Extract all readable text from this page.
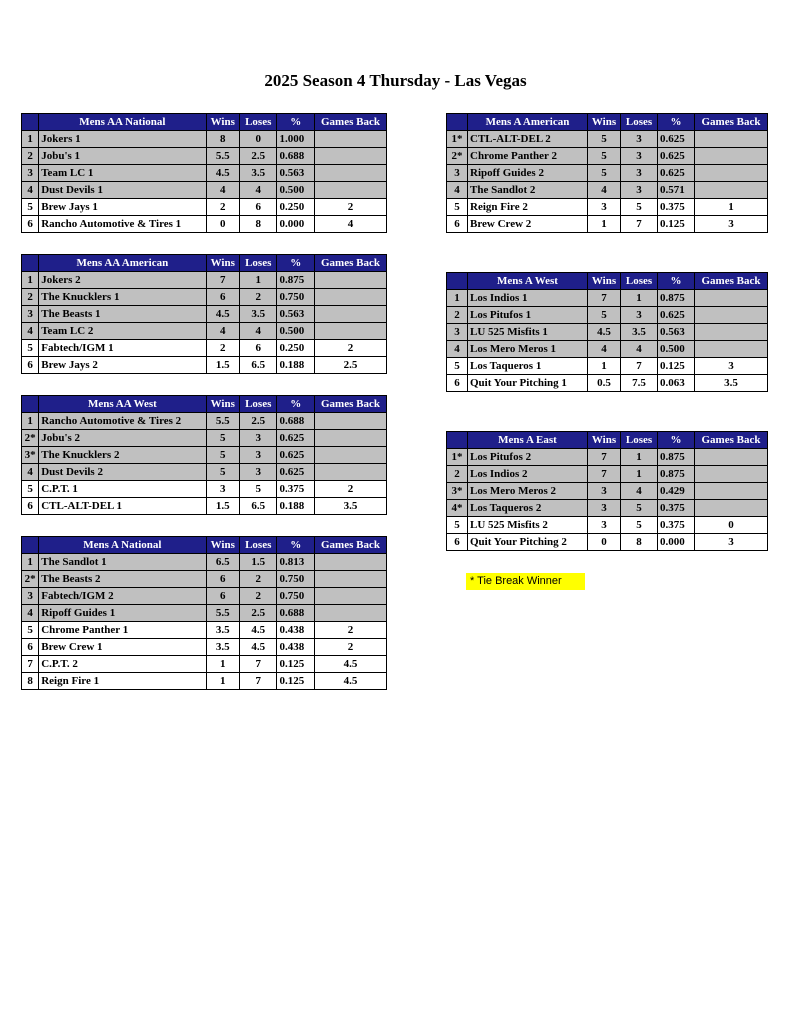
2025 Season 4 Thursday - Las Vegas
	Mens AA National	Wins	Loses	%	Games Back
1	Jokers 1	8	0	1.000	
2	Jobu's 1	5.5	2.5	0.688	
3	Team LC 1	4.5	3.5	0.563	
4	Dust Devils 1	4	4	0.500	
5	Brew Jays 1	2	6	0.250	2
6	Rancho Automotive & Tires 1	0	8	0.000	4
	Mens AA American	Wins	Loses	%	Games Back
1	Jokers 2	7	1	0.875	
2	The Knucklers 1	6	2	0.750	
3	The Beasts 1	4.5	3.5	0.563	
4	Team LC 2	4	4	0.500	
5	Fabtech/IGM 1	2	6	0.250	2
6	Brew Jays 2	1.5	6.5	0.188	2.5
	Mens AA West	Wins	Loses	%	Games Back
1	Rancho Automotive & Tires 2	5.5	2.5	0.688	
2*	Jobu's 2	5	3	0.625	
3*	The Knucklers 2	5	3	0.625	
4	Dust Devils 2	5	3	0.625	
5	C.P.T. 1	3	5	0.375	2
6	CTL-ALT-DEL 1	1.5	6.5	0.188	3.5
	Mens A National	Wins	Loses	%	Games Back
1	The Sandlot 1	6.5	1.5	0.813	
2*	The Beasts 2	6	2	0.750	
3	Fabtech/IGM 2	6	2	0.750	
4	Ripoff Guides 1	5.5	2.5	0.688	
5	Chrome Panther 1	3.5	4.5	0.438	2
6	Brew Crew 1	3.5	4.5	0.438	2
7	C.P.T. 2	1	7	0.125	4.5
8	Reign Fire 1	1	7	0.125	4.5
	Mens A American	Wins	Loses	%	Games Back
1*	CTL-ALT-DEL 2	5	3	0.625	
2*	Chrome Panther 2	5	3	0.625	
3	Ripoff Guides 2	5	3	0.625	
4	The Sandlot 2	4	3	0.571	
5	Reign Fire 2	3	5	0.375	1
6	Brew Crew 2	1	7	0.125	3
	Mens A West	Wins	Loses	%	Games Back
1	Los Indios 1	7	1	0.875	
2	Los Pitufos 1	5	3	0.625	
3	LU 525 Misfits 1	4.5	3.5	0.563	
4	Los Mero Meros 1	4	4	0.500	
5	Los Taqueros 1	1	7	0.125	3
6	Quit Your Pitching 1	0.5	7.5	0.063	3.5
	Mens A East	Wins	Loses	%	Games Back
1*	Los Pitufos 2	7	1	0.875	
2	Los Indios 2	7	1	0.875	
3*	Los Mero Meros 2	3	4	0.429	
4*	Los Taqueros 2	3	5	0.375	
5	LU 525 Misfits 2	3	5	0.375	0
6	Quit Your Pitching 2	0	8	0.000	3
* Tie Break Winner
